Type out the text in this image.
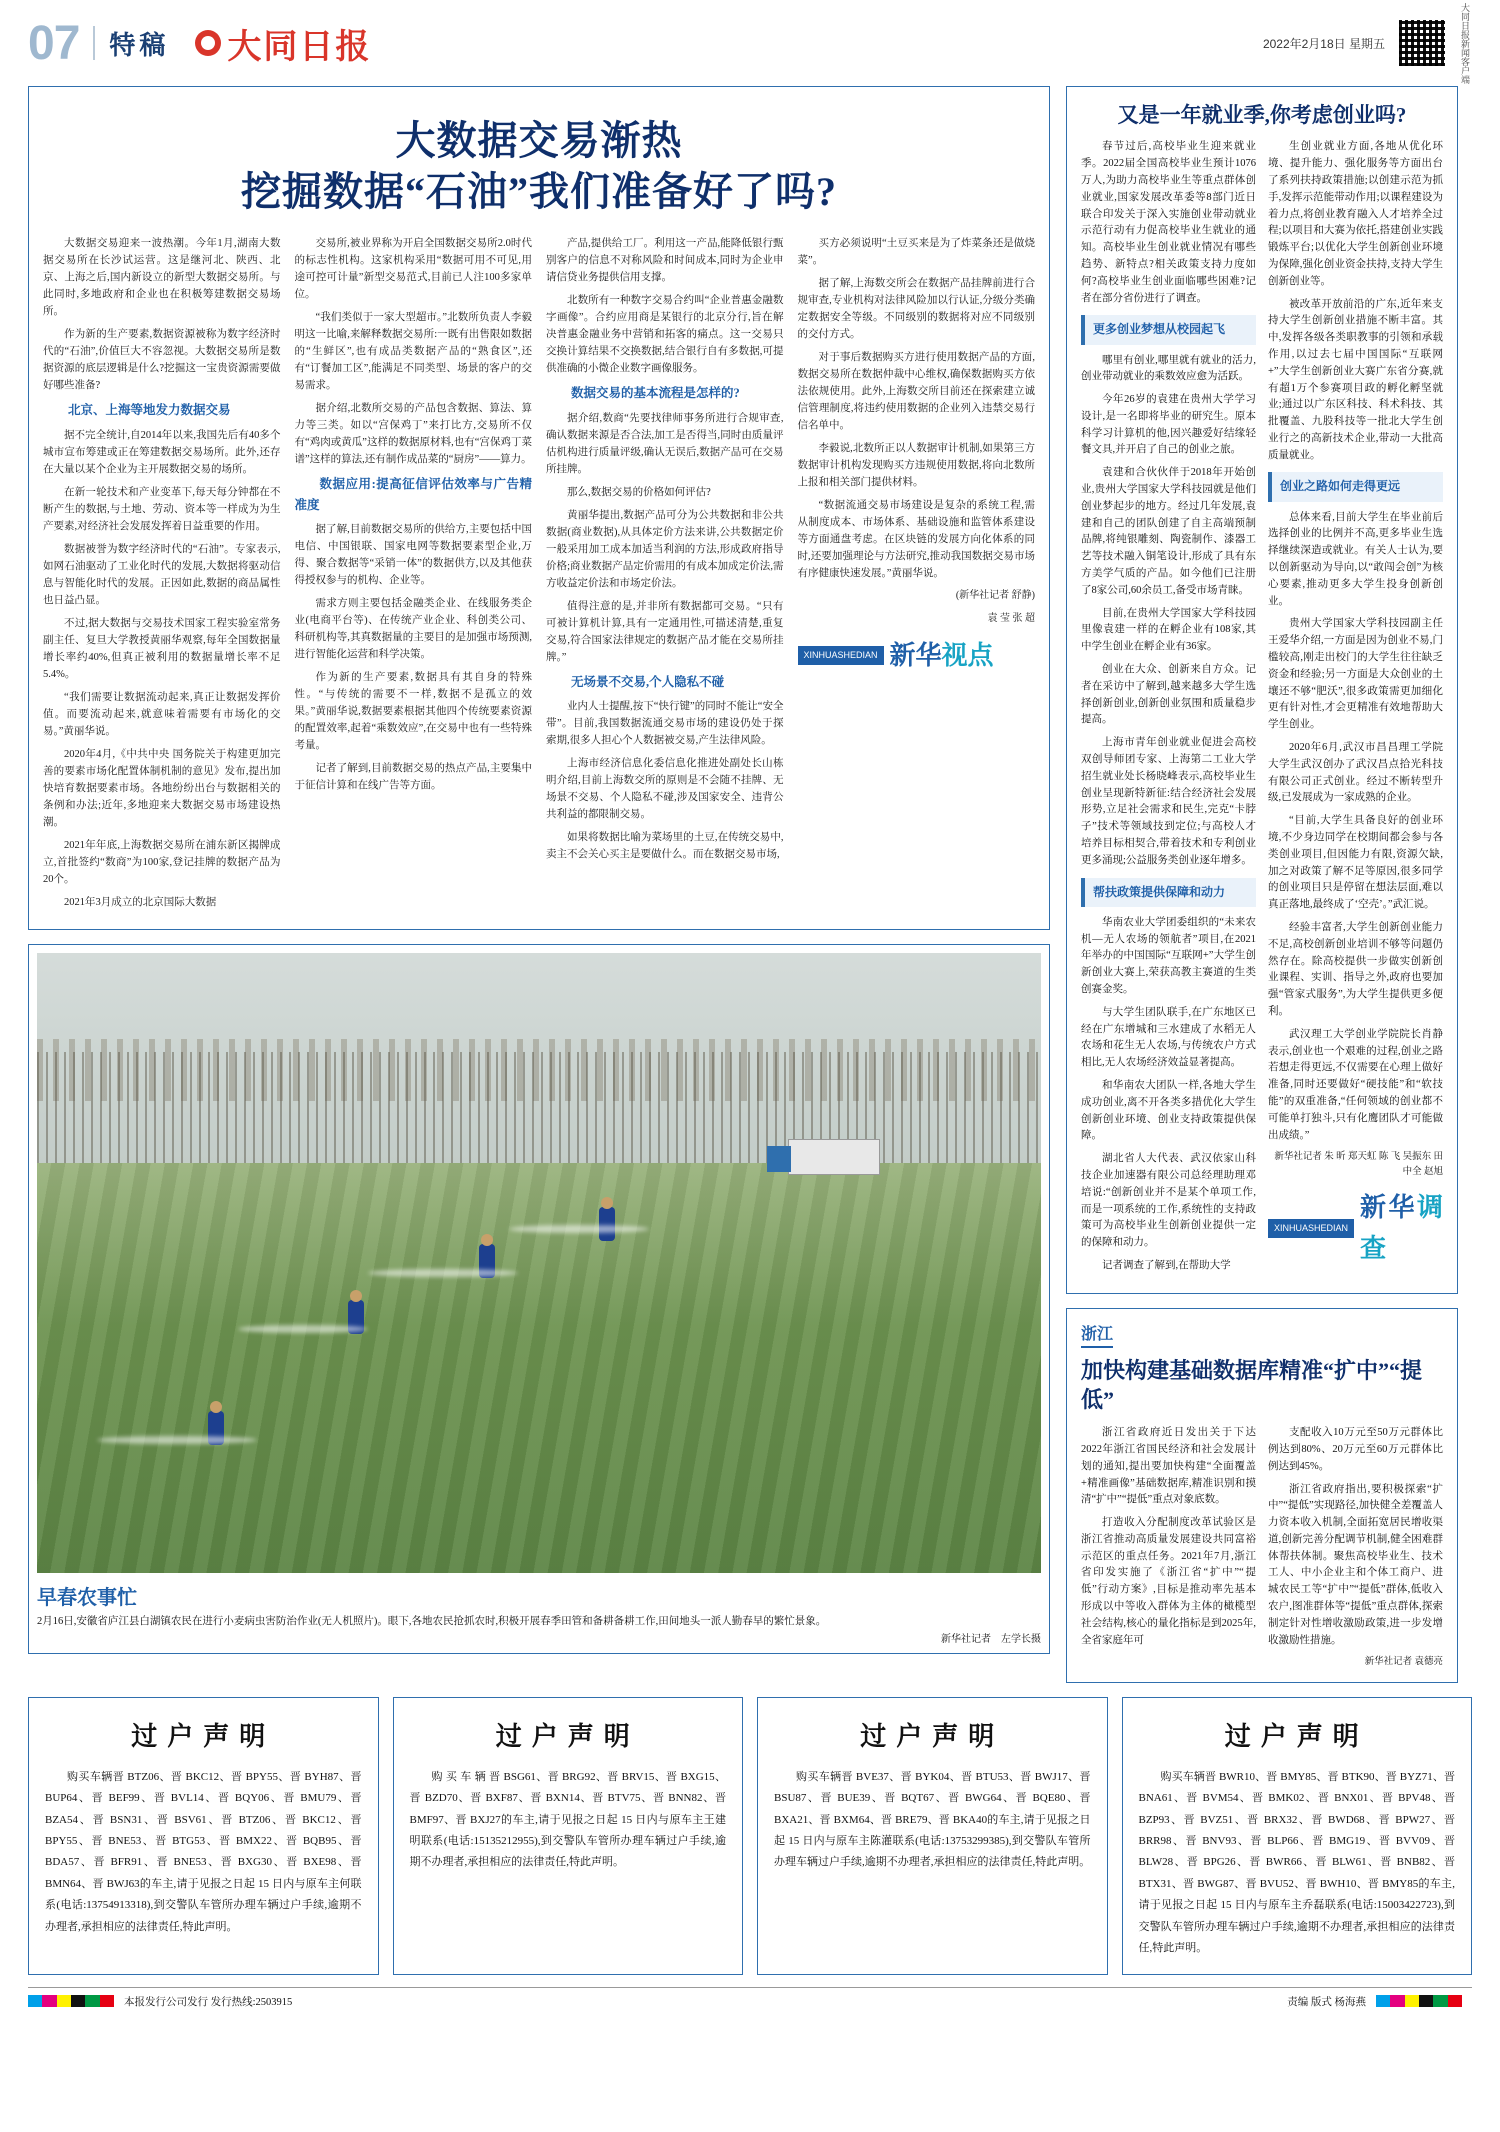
07 特稿 大同日报	2022年2月18日 星期五	大同日报新闻客户端
大数据交易渐热
挖掘数据“石油”我们准备好了吗?

大数据交易迎来一波热潮。今年1月,湖南大数据交易所在长沙试运营。这是继河北、陕西、北京、上海之后,国内新设立的新型大数据交易所。与此同时,多地政府和企业也在积极筹建数据交易场所。

作为新的生产要素,数据资源被称为数字经济时代的“石油”,价值巨大不容忽视。大数据交易所是数据资源的底层逻辑是什么?挖掘这一宝贵资源需要做好哪些准备?

北京、上海等地发力数据交易

据不完全统计,自2014年以来,我国先后有40多个城市宣布筹建或正在筹建数据交易场所。此外,还存在大量以某个企业为主开展数据交易的场所。

在新一轮技术和产业变革下,每天每分钟都在不断产生的数据,与土地、劳动、资本等一样成为为生产要素,对经济社会发展发挥着日益重要的作用。

数据被誉为数字经济时代的“石油”。专家表示,如网石油驱动了工业化时代的发展,大数据将驱动信息与智能化时代的发展。正因如此,数据的商品属性也日益凸显。

不过,据大数据与交易技术国家工程实验室常务副主任、复旦大学教授黄丽华观察,每年全国数据量增长率约40%,但真正被利用的数据量增长率不足5.4%。

“我们需要让数据流动起来,真正让数据发挥价值。而要流动起来,就意味着需要有市场化的交易。”黄丽华说。

2020年4月,《中共中央 国务院关于构建更加完善的要素市场化配置体制机制的意见》发布,提出加快培育数据要素市场。各地纷纷出台与数据相关的条例和办法;近年,多地迎来大数据交易市场建设热潮。

2021年年底,上海数据交易所在浦东新区揭牌成立,首批签约“数商”为100家,登记挂牌的数据产品为20个。

2021年3月成立的北京国际大数据

交易所,被业界称为开启全国数据交易所2.0时代的标志性机构。这家机构采用“数据可用不可见,用途可控可计量”新型交易范式,目前已人注100多家单位。

“我们类似于一家大型超市。”北数所负责人李毅明这一比喻,来解释数据交易所:一既有出售限如数据的“生鲜区”,也有成品类数据产品的“熟食区”,还有“订餐加工区”,能满足不同类型、场景的客户的交易需求。

据介绍,北数所交易的产品包含数据、算法、算力等三类。如以“宫保鸡丁”来打比方,交易所不仅有“鸡肉或黄瓜”这样的数据原材料,也有“宫保鸡丁菜谱”这样的算法,还有制作成品菜的“厨房”——算力。

数据应用:提高征信评估效率与广告精准度

据了解,目前数据交易所的供给方,主要包括中国电信、中国银联、国家电网等数据要素型企业,万得、聚合数据等“采销一体”的数据供方,以及其他获得授权参与的机构、企业等。

需求方则主要包括金融类企业、在线服务类企业(电商平台等)、在传统产业企业、科创类公司、科研机构等,其真数据量的主要目的是加强市场预测,进行智能化运营和科学决策。

作为新的生产要素,数据具有其自身的特殊性。“与传统的需要不一样,数据不是孤立的效果。”黄丽华说,数据要素根据其他四个传统要素资源的配置效率,起着“乘数效应”,在交易中也有一些特殊考量。

记者了解到,目前数据交易的热点产品,主要集中于征信计算和在线广告等方面。

产品,提供给工厂。利用这一产品,能降低银行甄别客户的信息不对称风险和时间成本,同时为企业申请信贷业务提供信用支撑。

北数所有一种数字交易合约叫“企业普惠金融数字画像”。合约应用商是某银行的北京分行,旨在解决普惠金融业务中营销和拓客的痛点。这一交易只交换计算结果不交换数据,结合银行自有多数据,可提供准确的小微企业数字画像服务。

数据交易的基本流程是怎样的?

据介绍,数商“先要找律师事务所进行合规审查,确认数据来源是否合法,加工是否得当,同时由质量评估机构进行质量评级,确认无误后,数据产品可在交易所挂牌。

那么,数据交易的价格如何评估?

黄丽华提出,数据产品可分为公共数据和非公共数据(商业数据),从具体定价方法来讲,公共数据定价一般采用加工成本加适当利润的方法,形成政府指导价格;商业数据产品定价需用的有成本加成定价法,需方收益定价法和市场定价法。

值得注意的是,并非所有数据都可交易。“只有可被计算机计算,具有一定通用性,可描述清楚,重复交易,符合国家法律规定的数据产品才能在交易所挂牌。”

无场景不交易,个人隐私不碰

业内人士提醒,按下“快行键”的同时不能让“安全带”。目前,我国数据流通交易市场的建设仍处于探索期,很多人担心个人数据被交易,产生法律风险。

上海市经济信息化委信息化推进处副处长山栋明介绍,目前上海数交所的原则是不会随不挂牌、无场景不交易、个人隐私不碰,涉及国家安全、违背公共利益的都限制交易。

如果将数据比喻为菜场里的土豆,在传统交易中,卖主不会关心买主是要做什么。而在数据交易市场,

买方必须说明“土豆买来是为了炸菜条还是做烧菜”。

据了解,上海数交所会在数据产品挂牌前进行合规审查,专业机构对法律风险加以行认证,分级分类确定数据安全等级。不同级别的数据将对应不同级别的交付方式。

对于事后数据购买方进行使用数据产品的方面,数据交易所在数据仲裁中心维权,确保数据购买方依法依规使用。此外,上海数交所目前还在探索建立诚信管理制度,将违约使用数据的企业列入违禁交易行信名单中。

李毅说,北数所正以人数据审计机制,如果第三方数据审计机构发现购买方违规使用数据,将向北数所上报和相关部门提供材料。

“数据流通交易市场建设是复杂的系统工程,需从制度成本、市场体系、基础设施和监管体系建设等方面通盘考虑。在区块链的发展方向化体系的同时,还要加强理论与方法研究,推动我国数据交易市场有序健康快速发展。”黄丽华说。

(新华社记者 舒静)
袁 莹 张 超
XINHUASHEDIAN 新华视点
早春农事忙
2月16日,安徽省庐江县白湖镇农民在进行小麦病虫害防治作业(无人机照片)。眼下,各地农民抢抓农时,积极开展春季田管和备耕备耕工作,田间地头一派人勤春早的繁忙景象。
新华社记者　左学长摄
又是一年就业季,你考虑创业吗?

春节过后,高校毕业生迎来就业季。2022届全国高校毕业生预计1076万人,为助力高校毕业生等重点群体创业就业,国家发展改革委等8部门近日联合印发关于深入实施创业带动就业示范行动有力促高校毕业生就业的通知。高校毕业生创业就业情况有哪些趋势、新特点?相关政策支持力度如何?高校毕业生创业面临哪些困难?记者在部分省份进行了调查。

更多创业梦想从校园起飞

哪里有创业,哪里就有就业的活力,创业带动就业的乘数效应愈为活跃。

今年26岁的袁建在贵州大学学习设计,是一名即将毕业的研究生。原本科学习计算机的他,因兴趣爱好结缘轻餐文具,并开启了自己的创业之旅。

袁建和合伙伙伴于2018年开始创业,贵州大学国家大学科技园就是他们创业梦起步的地方。经过几年发展,袁建和自己的团队创建了自主高端预制品牌,将纯银雕刻、陶瓷制作、漆器工艺等技术融入铜笔设计,形成了具有东方美学气质的产品。如今他们已注册了8家公司,60余员工,备受市场青睐。

目前,在贵州大学国家大学科技园里像袁建一样的在孵企业有108家,其中学生创业在孵企业有36家。

创业在大众、创新来自方众。记者在采访中了解到,越来越多大学生选择创新创业,创新创业氛围和质量稳步提高。

上海市青年创业就业促进会高校双创导师团专家、上海第二工业大学招生就业处长杨晓峰表示,高校毕业生创业呈现新特新征:结合经济社会发展形势,立足社会需求和民生,完克“卡脖子”技术等领域技到定位;与高校人才培养目标相契合,带着技术和专利创业更多涌现;公益服务类创业逐年增多。

帮扶政策提供保障和动力

华南农业大学团委组织的“未来农机—无人农场的领航者”项目,在2021年举办的中国国际“互联网+”大学生创新创业大赛上,荣获高教主赛道的生类创赛金奖。

与大学生团队联手,在广东地区已经在广东增城和三水建成了水稻无人农场和花生无人农场,与传统农户方式相比,无人农场经济效益显著提高。

和华南农大团队一样,各地大学生成功创业,离不开各类多措优化大学生创新创业环境、创业支持政策提供保障。

湖北省人大代表、武汉依家山科技企业加速器有限公司总经理助理邓培说:“创新创业并不是某个单项工作,而是一项系统的工作,系统性的支持政策可为高校毕业生创新创业提供一定的保障和动力。

记者调查了解到,在帮助大学

生创业就业方面,各地从优化环境、提升能力、强化服务等方面出台了系列扶持政策措施;以创建示范为抓手,发挥示范能带动作用;以课程建设为着力点,将创业教育融入人才培养全过程;以项目和大赛为依托,搭建创业实践锻炼平台;以优化大学生创新创业环境为保障,强化创业资金扶持,支持大学生创新创业等。

被改革开放前沿的广东,近年来支持大学生创新创业措施不断丰富。其中,发挥各级各类职教事的引领和承载作用,以过去七届中国国际“互联网+”大学生创新创业大赛广东省分赛,就有超1万个参赛项目政的孵化孵坚就业;通过以广东区科技、科术科技、其批覆盖、九股科技等一批北大学生创业行之的高新技术企业,带动一大批高质量就业。

创业之路如何走得更远

总体来看,目前大学生在毕业前后选择创业的比例并不高,更多毕业生选择继续深造或就业。有关人士认为,要以创新驱动为导向,以“敢闯会创”为核心要素,推动更多大学生投身创新创业。

贵州大学国家大学科技园副主任王爱华介绍,一方面是因为创业不易,门槛较高,刚走出校门的大学生往往缺乏资金和经验;另一方面是大众创业的土壤还不够“肥沃”,很多政策需更加细化更有针对性,才会更精准有效地帮助大学生创业。

2020年6月,武汉市昌昌理工学院大学生武汉创办了武汉昌点拾光科技有限公司正式创业。经过不断转型升级,已发展成为一家成熟的企业。

“目前,大学生具备良好的创业环境,不少身边同学在校期间都会参与各类创业项目,但因能力有限,资源欠缺,加之对政策了解不足等原因,很多同学的创业项目只是停留在想法层面,难以真正落地,最终成了‘空壳’。”武汇说。

经验丰富者,大学生创新创业能力不足,高校创新创业培训不够等问题仍然存在。除高校提供一步做实创新创业课程、实训、指导之外,政府也要加强“管家式服务”,为大学生提供更多便利。

武汉理工大学创业学院院长肖静表示,创业也一个艰难的过程,创业之路若想走得更远,不仅需要在心理上做好准备,同时还要做好“硬技能”和“软技能”的双重准备,“任何领域的创业都不可能单打独斗,只有化鹰团队才可能做出成绩。”

新华社记者 朱 昕 郑天虹 陈 飞 吴振东 田中全 赵旭
XINHUASHEDIAN
新华调查
浙江
加快构建基础数据库精准“扩中”“提低”

浙江省政府近日发出关于下达2022年浙江省国民经济和社会发展计划的通知,提出要加快构建“全面覆盖+精准画像”基础数据库,精准识别和摸清“扩中”“提低”重点对象底数。

打造收入分配制度改革试验区是浙江省推动高质量发展建设共同富裕示范区的重点任务。2021年7月,浙江省印发实施了《浙江省“扩中”“提低”行动方案》,目标是推动率先基本形成以中等收入群体为主体的橄榄型社会结构,核心的量化指标是到2025年,全省家庭年可

支配收入10万元至50万元群体比例达到80%、20万元至60万元群体比例达到45%。

浙江省政府指出,要积极探索“扩中”“提低”实现路径,加快健全差覆盖人力资本收入机制,全面拓宽居民增收渠道,创新完善分配调节机制,健全困难群体帮扶体制。聚焦高校毕业生、技术工人、中小企业主和个体工商户、进城农民工等“扩中”“提低”群体,低收入农户,图准群体等“提低”重点群体,探索制定针对性增收激励政策,进一步发增收激励性措施。

新华社记者 袁德亮
过户声明

购买车辆晋 BTZ06、晋 BKC12、晋 BPY55、晋 BYH87、晋 BUP64、晋 BEF99、晋 BVL14、晋 BQY06、晋 BMU79、晋 BZA54、晋 BSN31、晋 BSV61、晋 BTZ06、晋 BKC12、晋 BPY55、晋 BNE53、晋 BTG53、晋 BMX22、晋 BQB95、晋 BDA57、晋 BFR91、晋 BNE53、晋 BXG30、晋 BXE98、晋 BMN64、晋 BWJ63的车主,请于见报之日起 15 日内与原车主何联系(电话:13754913318),到交警队车管所办理车辆过户手续,逾期不办理者,承担相应的法律责任,特此声明。

过户声明

购 买 车 辆 晋 BSG61、晋 BRG92、晋 BRV15、晋 BXG15、晋 BZD70、晋 BXF87、晋 BXN14、晋 BTV75、晋 BNN82、晋 BMF97、晋 BXJ27的车主,请于见报之日起 15 日内与原车主王建明联系(电话:15135212955),到交警队车管所办理车辆过户手续,逾期不办理者,承担相应的法律责任,特此声明。

过户声明

购买车辆晋 BVE37、晋 BYK04、晋 BTU53、晋 BWJ17、晋 BSU87、晋 BUE39、晋 BQT67、晋 BWG64、晋 BQE80、晋 BXA21、晋 BXM64、晋 BRE79、晋 BKA40的车主,请于见报之日起 15 日内与原车主陈灌联系(电话:13753299385),到交警队车管所办理车辆过户手续,逾期不办理者,承担相应的法律责任,特此声明。

过户声明

购买车辆晋 BWR10、晋 BMY85、晋 BTK90、晋 BYZ71、晋 BNA61、晋 BVM54、晋 BMK02、晋 BNX01、晋 BPV48、晋 BZP93、晋 BVZ51、晋 BRX32、晋 BWD68、晋 BPW27、晋 BRR98、晋 BNV93、晋 BLP66、晋 BMG19、晋 BVV09、晋 BLW28、晋 BPG26、晋 BWR66、晋 BLW61、晋 BNB82、晋 BTX31、晋 BWG87、晋 BVU52、晋 BWH10、晋 BMY85的车主,请于见报之日起 15 日内与原车主乔磊联系(电话:15003422723),到交警队车管所办理车辆过户手续,逾期不办理者,承担相应的法律责任,特此声明。

本报发行公司发行 发行热线:2503915	责编 版式 杨海燕
